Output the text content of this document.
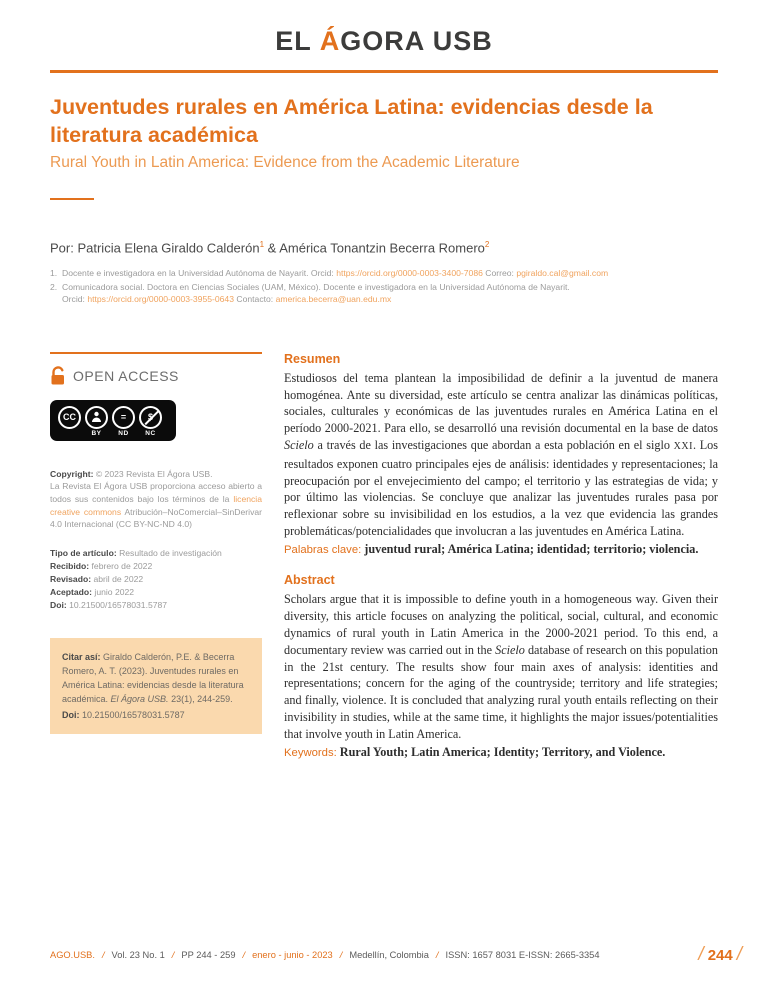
EL ÁGORA USB
Juventudes rurales en América Latina: evidencias desde la literatura académica
Rural Youth in Latin America: Evidence from the Academic Literature
Por: Patricia Elena Giraldo Calderón$^1$ & América Tonantzin Becerra Romero$^2$
1. Docente e investigadora en la Universidad Autónoma de Nayarit. Orcid: https://orcid.org/0000-0003-3400-7086 Correo: pgiraldo.cal@gmail.com
2. Comunicadora social. Doctora en Ciencias Sociales (UAM, México). Docente e investigadora en la Universidad Autónoma de Nayarit.
Orcid: https://orcid.org/0000-0003-3955-0643 Contacto: america.becerra@uan.edu.mx
OPEN ACCESS
CC	=
BY	ND	NC

Copyright: © 2023 Revista El Ágora USB.
La Revista El Ágora USB proporciona acceso abierto a todos sus contenidos bajo los términos de la licencia creative commons Atribución–NoComercial–SinDerivar 4.0 Internacional (CC BY-NC-ND 4.0)

Tipo de artículo: Resultado de investigación
Recibido: febrero de 2022
Revisado: abril de 2022
Aceptado: junio 2022
Doi: 10.21500/16578031.5787

Citar así: Giraldo Calderón, P.E. & Becerra Romero, A. T. (2023). Juventudes rurales en América Latina: evidencias desde la literatura académica. El Ágora USB. 23(1), 244-259.

Doi: 10.21500/16578031.5787

Resumen

Estudiosos del tema plantean la imposibilidad de definir a la juventud de manera homogénea. Ante su diversidad, este artículo se centra analizar las dinámicas políticas, sociales, culturales y económicas de las juventudes rurales en América Latina en el período 2000-2021. Para ello, se desarrolló una revisión documental en la base de datos Scielo a través de las investigaciones que abordan a esta población en el siglo XXI. Los resultados exponen cuatro principales ejes de análisis: identidades y representaciones; la preocupación por el envejecimiento del campo; el territorio y las estrategias de vida; y por último las violencias. Se concluye que analizar las juventudes rurales pasa por reflexionar sobre su invisibilidad en los estudios, a la vez que evidencia las grandes problemáticas/potencialidades que involucran a las juventudes en América Latina.

Palabras clave: juventud rural; América Latina; identidad; territorio; violencia.

Abstract

Scholars argue that it is impossible to define youth in a homogeneous way. Given their diversity, this article focuses on analyzing the political, social, cultural, and economic dynamics of rural youth in Latin America in the 2000-2021 period. To this end, a documentary review was carried out in the Scielo database of research on this population in the 21st century. The results show four main axes of analysis: identities and representations; concern for the aging of the countryside; territory and life strategies; and finally, violence. It is concluded that analyzing rural youth entails reflecting on their invisibility in studies, while at the same time, it highlights the major issues/potentialities that involve youth in Latin America.

Keywords: Rural Youth; Latin America; Identity; Territory, and Violence.

AGO.USB. / Vol. 23 No. 1 / PP 244 - 259 / enero - junio - 2023 / Medellín, Colombia / ISSN: 1657 8031 E-ISSN: 2665-3354	/ 244 /
